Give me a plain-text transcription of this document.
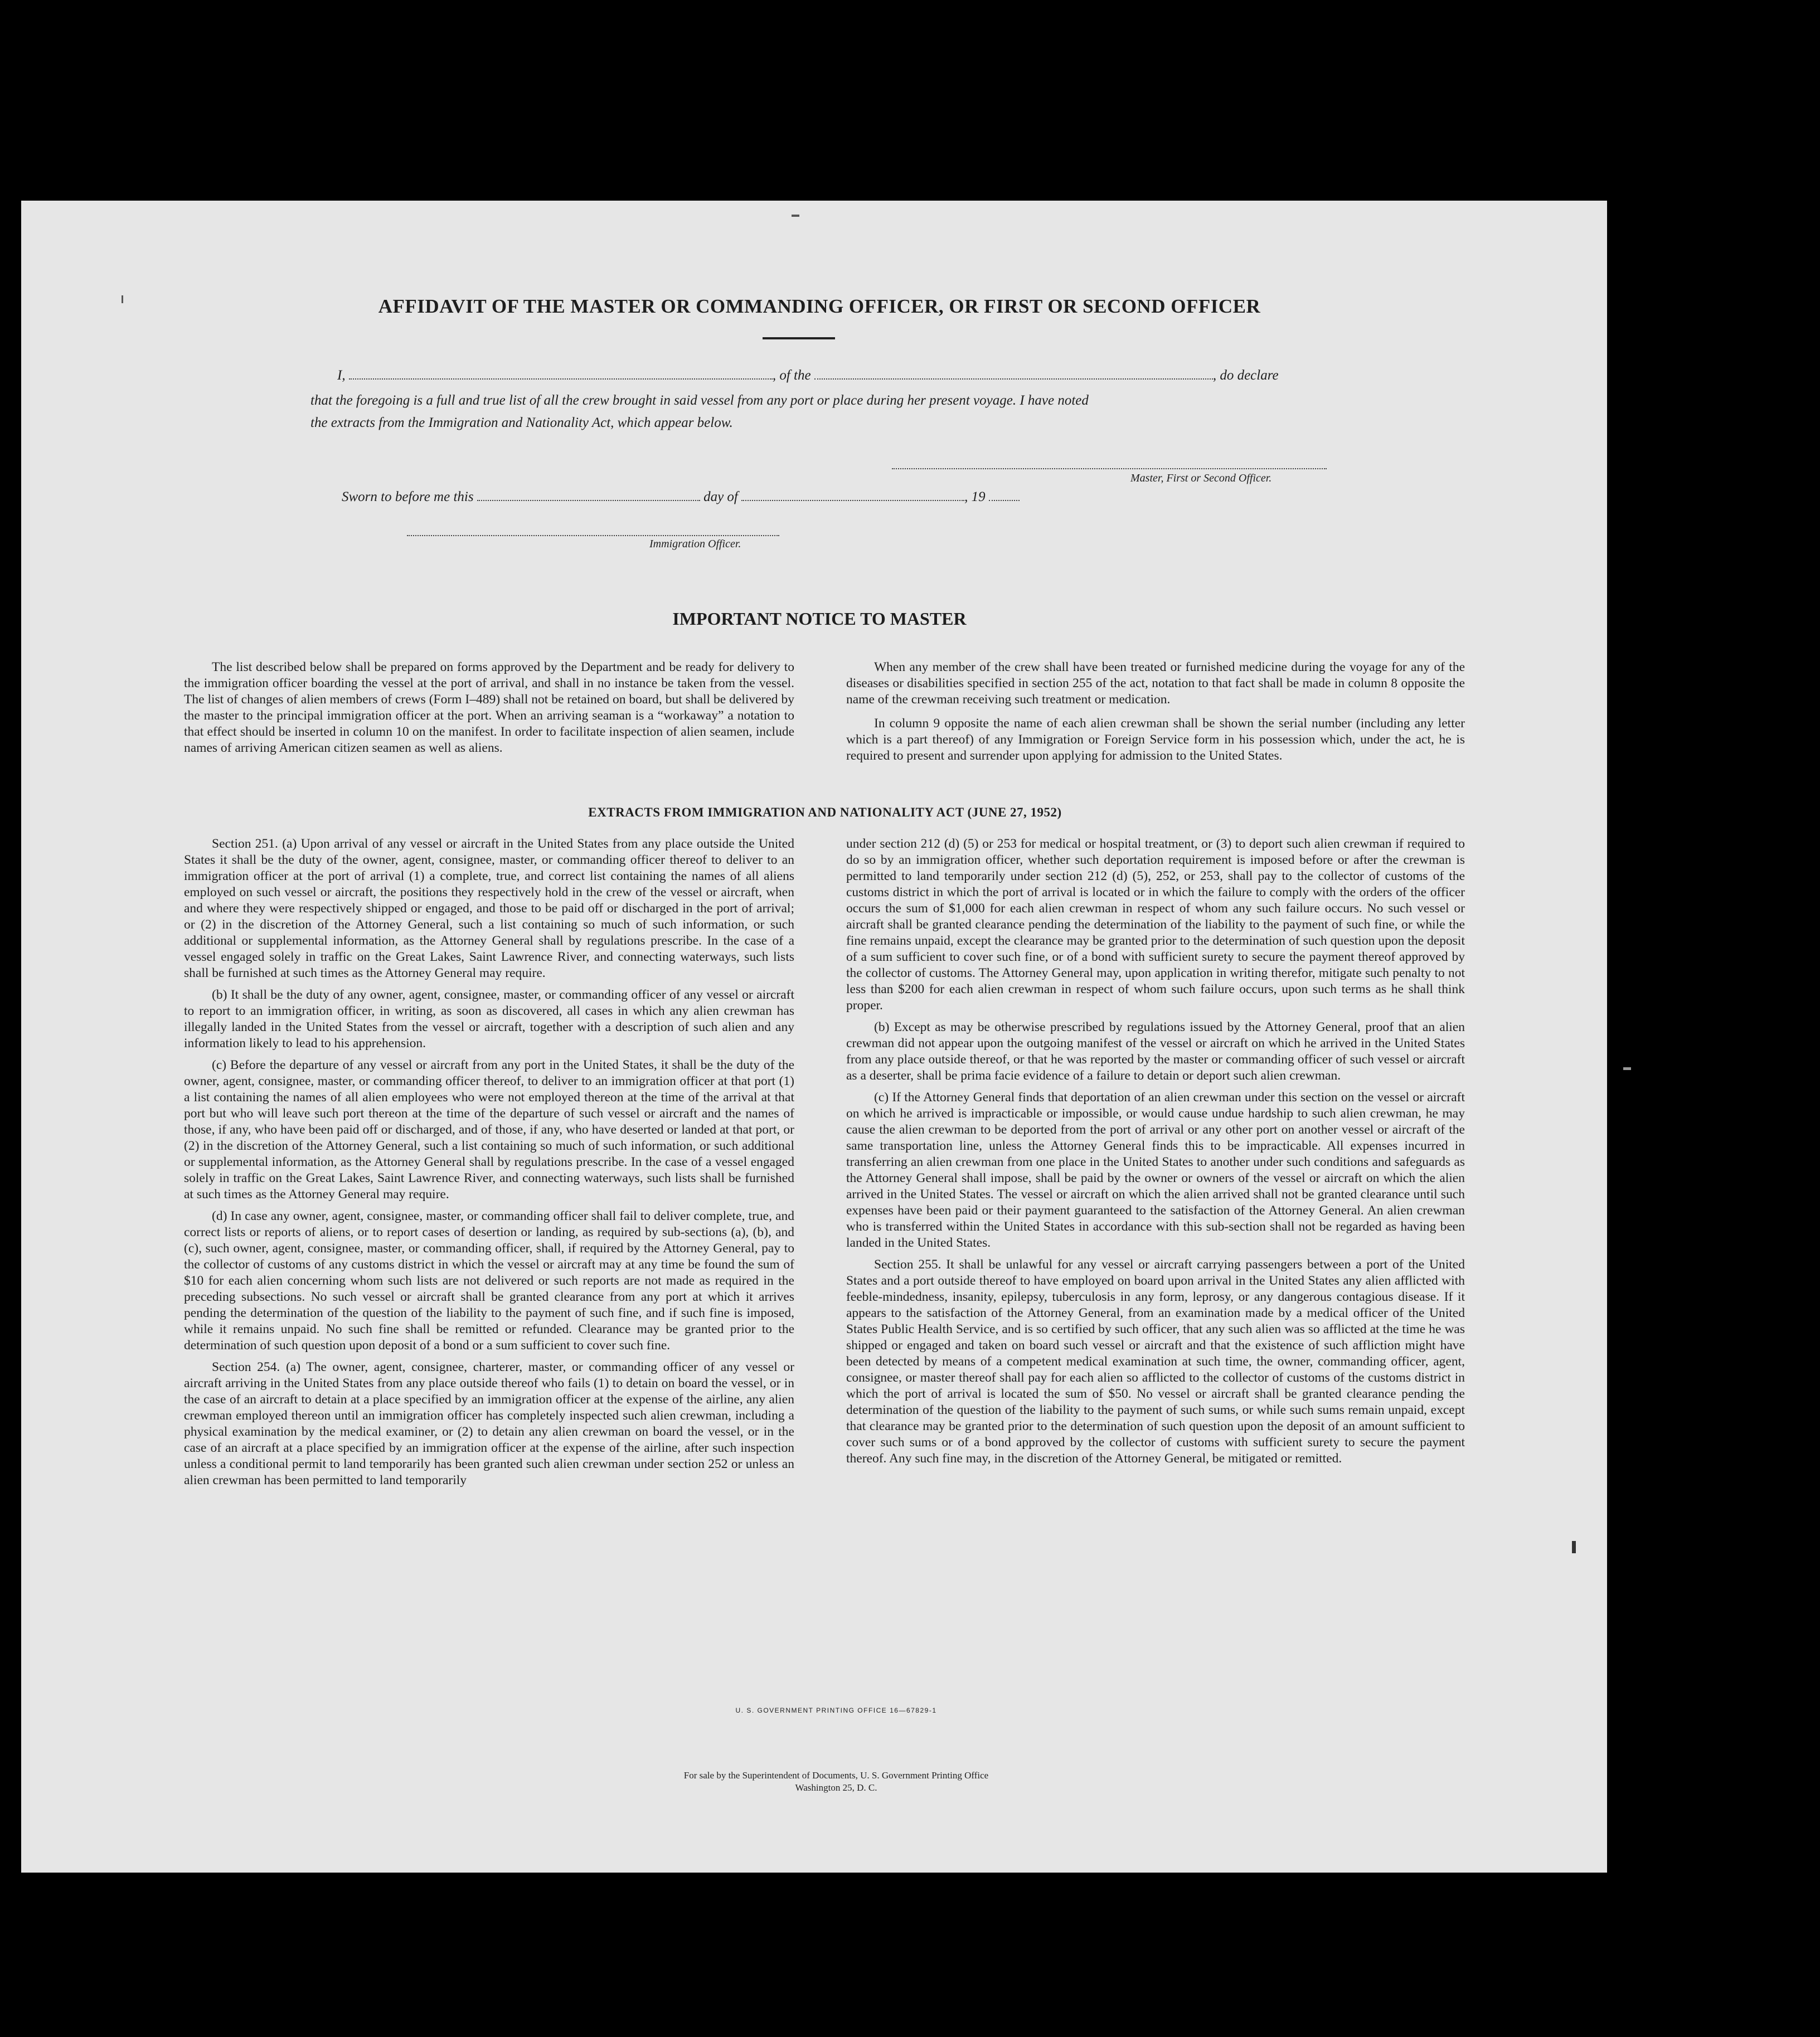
AFFIDAVIT OF THE MASTER OR COMMANDING OFFICER, OR FIRST OR SECOND OFFICER
I,	, of the	, do declare
that the foregoing is a full and true list of all the crew brought in said vessel from any port or place during her present voyage. I have noted
the extracts from the Immigration and Nationality Act, which appear below.
Master, First or Second Officer.
Sworn to before me this	day of	, 19
Immigration Officer.
IMPORTANT NOTICE TO MASTER

The list described below shall be prepared on forms approved by the Department and be ready for delivery to the immigration officer boarding the vessel at the port of arrival, and shall in no instance be taken from the vessel. The list of changes of alien members of crews (Form I–489) shall not be retained on board, but shall be delivered by the master to the principal immigration officer at the port. When an arriving seaman is a “workaway” a notation to that effect should be inserted in column 10 on the manifest. In order to facilitate inspection of alien seamen, include names of arriving American citizen seamen as well as aliens.

When any member of the crew shall have been treated or furnished medicine during the voyage for any of the diseases or disabilities specified in section 255 of the act, notation to that fact shall be made in column 8 opposite the name of the crewman receiving such treatment or medication.

In column 9 opposite the name of each alien crewman shall be shown the serial number (including any letter which is a part thereof) of any Immigration or Foreign Service form in his possession which, under the act, he is required to present and surrender upon applying for admission to the United States.

EXTRACTS FROM IMMIGRATION AND NATIONALITY ACT (JUNE 27, 1952)

Section 251. (a) Upon arrival of any vessel or aircraft in the United States from any place outside the United States it shall be the duty of the owner, agent, consignee, master, or commanding officer thereof to deliver to an immigration officer at the port of arrival (1) a complete, true, and correct list containing the names of all aliens employed on such vessel or aircraft, the positions they respectively hold in the crew of the vessel or aircraft, when and where they were respectively shipped or engaged, and those to be paid off or discharged in the port of arrival; or (2) in the discretion of the Attorney General, such a list containing so much of such information, or such additional or supplemental information, as the Attorney General shall by regulations prescribe. In the case of a vessel engaged solely in traffic on the Great Lakes, Saint Lawrence River, and connecting waterways, such lists shall be furnished at such times as the Attorney General may require.

(b) It shall be the duty of any owner, agent, consignee, master, or commanding officer of any vessel or aircraft to report to an immigration officer, in writing, as soon as discovered, all cases in which any alien crewman has illegally landed in the United States from the vessel or aircraft, together with a description of such alien and any information likely to lead to his apprehension.

(c) Before the departure of any vessel or aircraft from any port in the United States, it shall be the duty of the owner, agent, consignee, master, or commanding officer thereof, to deliver to an immigration officer at that port (1) a list containing the names of all alien employees who were not employed thereon at the time of the arrival at that port but who will leave such port thereon at the time of the departure of such vessel or aircraft and the names of those, if any, who have been paid off or discharged, and of those, if any, who have deserted or landed at that port, or (2) in the discretion of the Attorney General, such a list containing so much of such information, or such additional or supplemental information, as the Attorney General shall by regulations prescribe. In the case of a vessel engaged solely in traffic on the Great Lakes, Saint Lawrence River, and connecting waterways, such lists shall be furnished at such times as the Attorney General may require.

(d) In case any owner, agent, consignee, master, or commanding officer shall fail to deliver complete, true, and correct lists or reports of aliens, or to report cases of desertion or landing, as required by sub-sections (a), (b), and (c), such owner, agent, consignee, master, or commanding officer, shall, if required by the Attorney General, pay to the collector of customs of any customs district in which the vessel or aircraft may at any time be found the sum of $10 for each alien concerning whom such lists are not delivered or such reports are not made as required in the preceding subsections. No such vessel or aircraft shall be granted clearance from any port at which it arrives pending the determination of the question of the liability to the payment of such fine, and if such fine is imposed, while it remains unpaid. No such fine shall be remitted or refunded. Clearance may be granted prior to the determination of such question upon deposit of a bond or a sum sufficient to cover such fine.

Section 254. (a) The owner, agent, consignee, charterer, master, or commanding officer of any vessel or aircraft arriving in the United States from any place outside thereof who fails (1) to detain on board the vessel, or in the case of an aircraft to detain at a place specified by an immigration officer at the expense of the airline, any alien crewman employed thereon until an immigration officer has completely inspected such alien crewman, including a physical examination by the medical examiner, or (2) to detain any alien crewman on board the vessel, or in the case of an aircraft at a place specified by an immigration officer at the expense of the airline, after such inspection unless a conditional permit to land temporarily has been granted such alien crewman under section 252 or unless an alien crewman has been permitted to land temporarily

under section 212 (d) (5) or 253 for medical or hospital treatment, or (3) to deport such alien crewman if required to do so by an immigration officer, whether such deportation requirement is imposed before or after the crewman is permitted to land temporarily under section 212 (d) (5), 252, or 253, shall pay to the collector of customs of the customs district in which the port of arrival is located or in which the failure to comply with the orders of the officer occurs the sum of $1,000 for each alien crewman in respect of whom any such failure occurs. No such vessel or aircraft shall be granted clearance pending the determination of the liability to the payment of such fine, or while the fine remains unpaid, except the clearance may be granted prior to the determination of such question upon the deposit of a sum sufficient to cover such fine, or of a bond with sufficient surety to secure the payment thereof approved by the collector of customs. The Attorney General may, upon application in writing therefor, mitigate such penalty to not less than $200 for each alien crewman in respect of whom such failure occurs, upon such terms as he shall think proper.

(b) Except as may be otherwise prescribed by regulations issued by the Attorney General, proof that an alien crewman did not appear upon the outgoing manifest of the vessel or aircraft on which he arrived in the United States from any place outside thereof, or that he was reported by the master or commanding officer of such vessel or aircraft as a deserter, shall be prima facie evidence of a failure to detain or deport such alien crewman.

(c) If the Attorney General finds that deportation of an alien crewman under this section on the vessel or aircraft on which he arrived is impracticable or impossible, or would cause undue hardship to such alien crewman, he may cause the alien crewman to be deported from the port of arrival or any other port on another vessel or aircraft of the same transportation line, unless the Attorney General finds this to be impracticable. All expenses incurred in transferring an alien crewman from one place in the United States to another under such conditions and safeguards as the Attorney General shall impose, shall be paid by the owner or owners of the vessel or aircraft on which the alien arrived in the United States. The vessel or aircraft on which the alien arrived shall not be granted clearance until such expenses have been paid or their payment guaranteed to the satisfaction of the Attorney General. An alien crewman who is transferred within the United States in accordance with this sub-section shall not be regarded as having been landed in the United States.

Section 255. It shall be unlawful for any vessel or aircraft carrying passengers between a port of the United States and a port outside thereof to have employed on board upon arrival in the United States any alien afflicted with feeble-mindedness, insanity, epilepsy, tuberculosis in any form, leprosy, or any dangerous contagious disease. If it appears to the satisfaction of the Attorney General, from an examination made by a medical officer of the United States Public Health Service, and is so certified by such officer, that any such alien was so afflicted at the time he was shipped or engaged and taken on board such vessel or aircraft and that the existence of such affliction might have been detected by means of a competent medical examination at such time, the owner, commanding officer, agent, consignee, or master thereof shall pay for each alien so afflicted to the collector of customs of the customs district in which the port of arrival is located the sum of $50. No vessel or aircraft shall be granted clearance pending the determination of the question of the liability to the payment of such sums, or while such sums remain unpaid, except that clearance may be granted prior to the determination of such question upon the deposit of an amount sufficient to cover such sums or of a bond approved by the collector of customs with sufficient surety to secure the payment thereof. Any such fine may, in the discretion of the Attorney General, be mitigated or remitted.

U. S. GOVERNMENT PRINTING OFFICE 16—67829-1
For sale by the Superintendent of Documents, U. S. Government Printing Office
Washington 25, D. C.
